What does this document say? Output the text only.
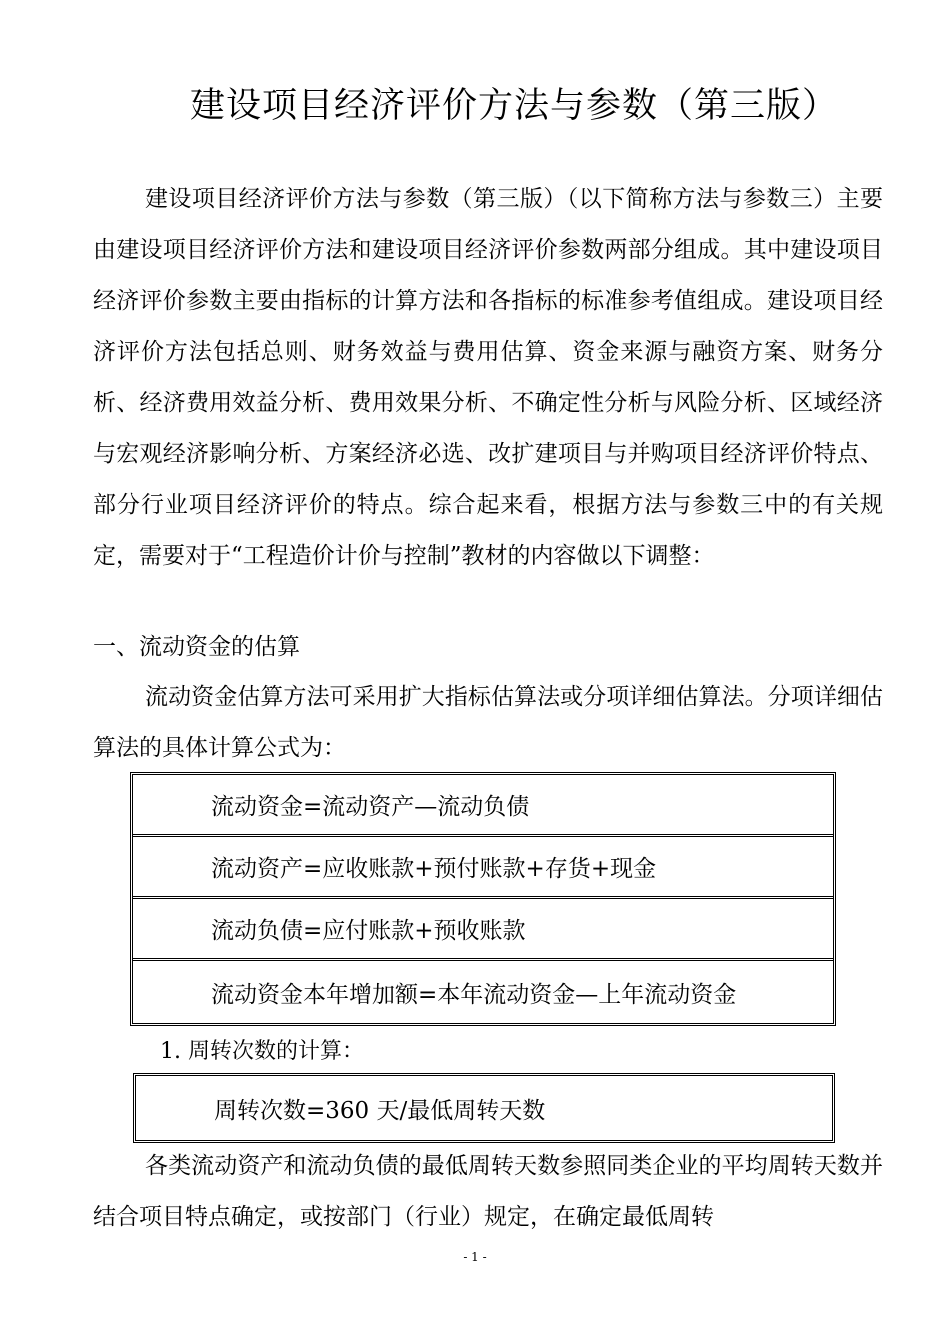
建设项目经济评价方法与参数（第三版）
建设项目经济评价方法与参数（第三版）（以下简称方法与参数三）主要由建设项目经济评价方法和建设项目经济评价参数两部分组成。其中建设项目经济评价参数主要由指标的计算方法和各指标的标准参考值组成。建设项目经济评价方法包括总则、财务效益与费用估算、资金来源与融资方案、财务分析、经济费用效益分析、费用效果分析、不确定性分析与风险分析、区域经济与宏观经济影响分析、方案经济必选、改扩建项目与并购项目经济评价特点、部分行业项目经济评价的特点。综合起来看，根据方法与参数三中的有关规定，需要对于“工程造价计价与控制”教材的内容做以下调整：
一、流动资金的估算
流动资金估算方法可采用扩大指标估算法或分项详细估算法。分项详细估算法的具体计算公式为：
流动资金=流动资产—流动负债
流动资产=应收账款+预付账款+存货+现金
流动负债=应付账款+预收账款
流动资金本年增加额=本年流动资金—上年流动资金
1. 周转次数的计算：
周转次数=360 天/最低周转天数
各类流动资产和流动负债的最低周转天数参照同类企业的平均周转天数并结合项目特点确定，或按部门（行业）规定，在确定最低周转
- 1 -
